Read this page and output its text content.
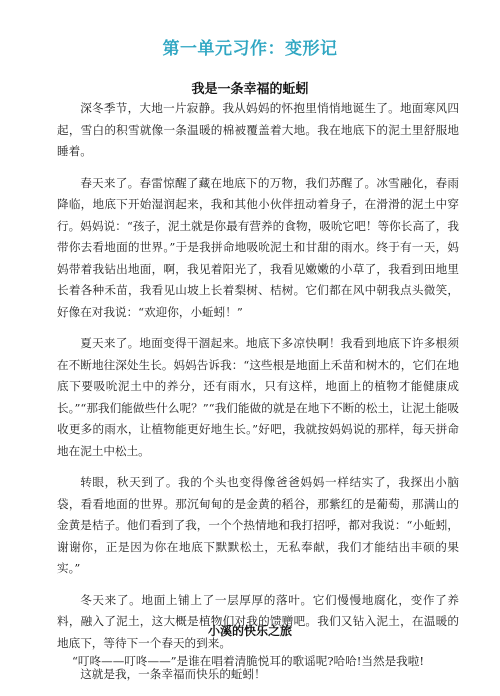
第一单元习作：变形记
我是一条幸福的蚯蚓

深冬季节，大地一片寂静。我从妈妈的怀抱里悄悄地诞生了。地面寒风四起，雪白的积雪就像一条温暖的棉被覆盖着大地。我在地底下的泥土里舒服地睡着。

春天来了。春雷惊醒了藏在地底下的万物，我们苏醒了。冰雪融化，春雨降临，地底下开始湿润起来，我和其他小伙伴扭动着身子，在滑滑的泥土中穿行。妈妈说：“孩子，泥土就是你最有营养的食物，吸吮它吧！等你长高了，我带你去看地面的世界。”于是我拼命地吸吮泥土和甘甜的雨水。终于有一天，妈妈带着我钻出地面，啊，我见着阳光了，我看见嫩嫩的小草了，我看到田地里长着各种禾苗，我看见山坡上长着梨树、桔树。它们都在风中朝我点头微笑，好像在对我说：“欢迎你，小蚯蚓！”

夏天来了。地面变得干涸起来。地底下多凉快啊！我看到地底下许多根须在不断地往深处生长。妈妈告诉我：“这些根是地面上禾苗和树木的，它们在地底下要吸吮泥土中的养分，还有雨水，只有这样，地面上的植物才能健康成长。”“那我们能做些什么呢？”“我们能做的就是在地下不断的松土，让泥土能吸收更多的雨水，让植物能更好地生长。”好吧，我就按妈妈说的那样，每天拼命地在泥土中松土。

转眼，秋天到了。我的个头也变得像爸爸妈妈一样结实了，我探出小脑袋，看看地面的世界。那沉甸甸的是金黄的稻谷，那紫红的是葡萄，那满山的金黄是桔子。他们看到了我，一个个热情地和我打招呼，都对我说：“小蚯蚓，谢谢你，正是因为你在地底下默默松土，无私奉献，我们才能结出丰硕的果实。”

冬天来了。地面上铺上了一层厚厚的落叶。它们慢慢地腐化，变作了养料，融入了泥土，这大概是植物们对我的馈赠吧。我们又钻入泥土，在温暖的地底下，等待下一个春天的到来。

这就是我，一条幸福而快乐的蚯蚓！

小溪的快乐之旅
“叮咚——叮咚——”是谁在唱着清脆悦耳的歌谣呢?哈哈!当然是我啦!
